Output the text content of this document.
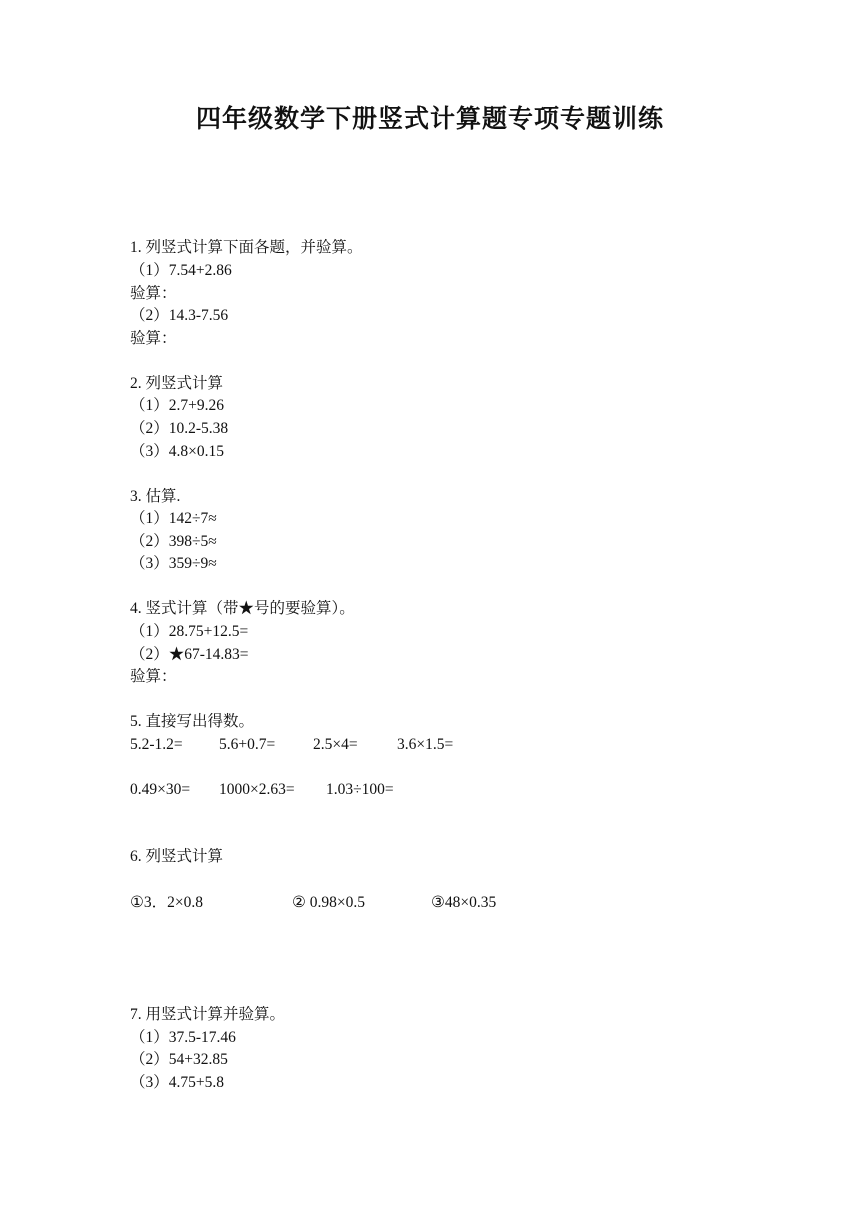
四年级数学下册竖式计算题专项专题训练
1. 列竖式计算下面各题，并验算。
（1）7.54+2.86
验算：
（2）14.3-7.56
验算：
2. 列竖式计算
（1）2.7+9.26
（2）10.2-5.38
（3）4.8×0.15
3. 估算.
（1）142÷7≈
（2）398÷5≈
（3）359÷9≈
4. 竖式计算（带★号的要验算）。
（1）28.75+12.5=
（2）★67-14.83=
验算：
5. 直接写出得数。
5.2-1.2= 5.6+0.7= 2.5×4=	3.6×1.5=
0.49×30= 1000×2.63= 1.03÷100=
6. 列竖式计算
①3．2×0.8	② 0.98×0.5	③48×0.35
7. 用竖式计算并验算。
（1）37.5-17.46
（2）54+32.85
（3）4.75+5.8
